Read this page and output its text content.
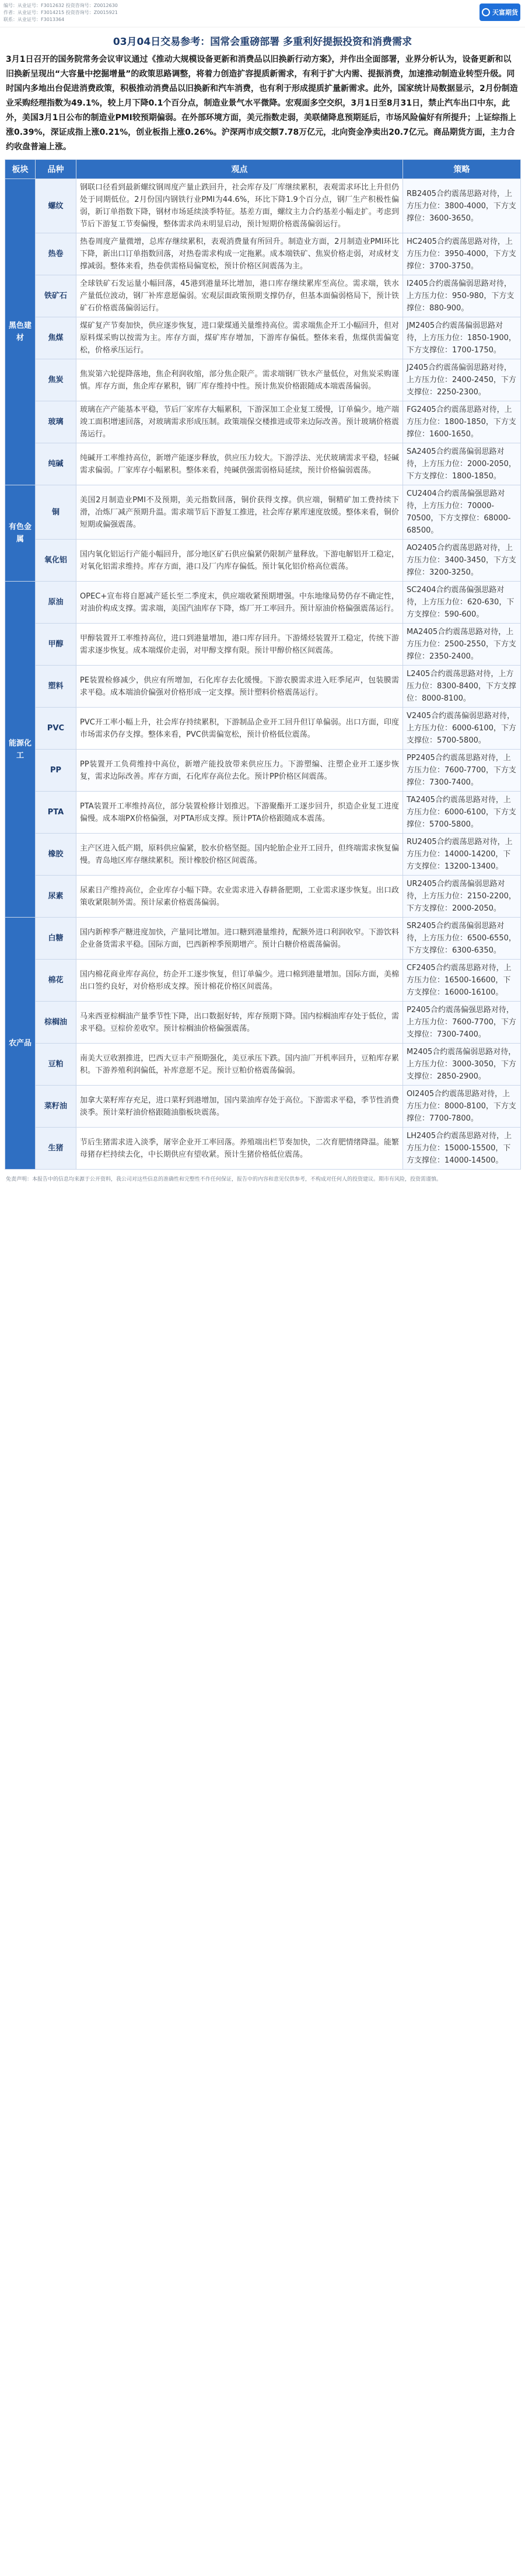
编号：从业证号：F3012632 投资咨询号：Z0012630
作者：从业证号：F3014215 投资咨询号：Z0015921
联系：从业证号：F3013364
天富期货
03月04日交易参考：国常会重磅部署 多重利好提振投资和消费需求
3月1日召开的国务院常务会议审议通过《推动大规模设备更新和消费品以旧换新行动方案》，并作出全面部署，业界分析认为，设备更新和以旧换新呈现出“大容量中挖掘增量”的政策思路调整，将着力创造扩容提质新需求，有利于扩大内需、提振消费，加速推动制造业转型升级。同时国内多地出台促进消费政策，积极推动消费品以旧换新和汽车消费，也有利于形成提质扩量新需求。此外，国家统计局数据显示，2月份制造业采购经理指数为49.1%，较上月下降0.1个百分点，制造业景气水平微降。宏观面多空交织，3月1日至8月31日，禁止汽车出口中东，此外，美国3月1日公布的制造业PMI较预期偏弱。在外部环境方面，美元指数走弱，美联储降息预期延后，市场风险偏好有所提升；上证综指上涨0.39%，深证成指上涨0.21%，创业板指上涨0.26%。沪深两市成交额7.78万亿元，北向资金净卖出20.7亿元。商品期货方面，主力合约收盘普遍上涨。
板块	品种	观点	策略
黑色建材	螺纹	钢联口径看到最新螺纹钢周度产量止跌回升，社会库存及厂库继续累积，表观需求环比上升但仍处于同期低位。2月份国内钢铁行业PMI为44.6%，环比下降1.9个百分点，钢厂生产积极性偏弱，新订单指数下降，钢材市场延续淡季特征。基差方面，螺纹主力合约基差小幅走扩。考虑到节后下游复工节奏偏慢，整体需求尚未明显启动，预计短期价格震荡偏弱运行。	RB2405合约震荡思路对待，上方压力位：3800-4000，下方支撑位：3600-3650。
	热卷	热卷周度产量微增，总库存继续累积，表观消费量有所回升。制造业方面，2月制造业PMI环比下降，新出口订单指数回落，对热卷需求构成一定拖累。成本端铁矿、焦炭价格走弱，对成材支撑减弱。整体来看，热卷供需格局偏宽松，预计价格区间震荡为主。	HC2405合约震荡思路对待，上方压力位：3950-4000，下方支撑位：3700-3750。
	铁矿石	全球铁矿石发运量小幅回落，45港到港量环比增加，港口库存继续累库至高位。需求端，铁水产量低位波动，钢厂补库意愿偏弱。宏观层面政策预期支撑仍存，但基本面偏弱格局下，预计铁矿石价格震荡偏弱运行。	I2405合约震荡偏弱思路对待，上方压力位：950-980，下方支撑位：880-900。
	焦煤	煤矿复产节奏加快，供应逐步恢复，进口蒙煤通关量维持高位。需求端焦企开工小幅回升，但对原料煤采购以按需为主。库存方面，煤矿库存增加，下游库存偏低。整体来看，焦煤供需偏宽松，价格承压运行。	JM2405合约震荡偏弱思路对待，上方压力位：1850-1900，下方支撑位：1700-1750。
	焦炭	焦炭第六轮提降落地，焦企利润收缩，部分焦企限产。需求端钢厂铁水产量低位，对焦炭采购谨慎。库存方面，焦企库存累积，钢厂库存维持中性。预计焦炭价格跟随成本端震荡偏弱。	J2405合约震荡偏弱思路对待，上方压力位：2400-2450，下方支撑位：2250-2300。
	玻璃	玻璃在产产能基本平稳，节后厂家库存大幅累积，下游深加工企业复工缓慢，订单偏少。地产端竣工面积增速回落，对玻璃需求形成压制。政策端保交楼推进或带来边际改善。预计玻璃价格震荡运行。	FG2405合约震荡思路对待，上方压力位：1800-1850，下方支撑位：1600-1650。
	纯碱	纯碱开工率维持高位，新增产能逐步释放，供应压力较大。下游浮法、光伏玻璃需求平稳，轻碱需求偏弱。厂家库存小幅累积。整体来看，纯碱供强需弱格局延续，预计价格偏弱震荡。	SA2405合约震荡偏弱思路对待，上方压力位：2000-2050，下方支撑位：1800-1850。
有色金属	铜	美国2月制造业PMI不及预期，美元指数回落，铜价获得支撑。供应端，铜精矿加工费持续下滑，冶炼厂减产预期升温。需求端节后下游复工推进，社会库存累库速度放缓。整体来看，铜价短期或偏强震荡。	CU2404合约震荡偏强思路对待，上方压力位：70000-70500，下方支撑位：68000-68500。
	氧化铝	国内氧化铝运行产能小幅回升，部分地区矿石供应偏紧仍限制产量释放。下游电解铝开工稳定，对氧化铝需求维持。库存方面，港口及厂内库存偏低。预计氧化铝价格高位震荡。	AO2405合约震荡思路对待，上方压力位：3400-3450，下方支撑位：3200-3250。
能源化工	原油	OPEC+宣布将自愿减产延长至二季度末，供应端收紧预期增强。中东地缘局势仍存不确定性，对油价构成支撑。需求端，美国汽油库存下降，炼厂开工率回升。预计原油价格偏强震荡运行。	SC2404合约震荡偏强思路对待，上方压力位：620-630，下方支撑位：590-600。
	甲醇	甲醇装置开工率维持高位，进口到港量增加，港口库存回升。下游烯烃装置开工稳定，传统下游需求逐步恢复。成本端煤价走弱，对甲醇支撑有限。预计甲醇价格区间震荡。	MA2405合约震荡思路对待，上方压力位：2500-2550，下方支撑位：2350-2400。
	塑料	PE装置检修减少，供应有所增加，石化库存去化缓慢。下游农膜需求进入旺季尾声，包装膜需求平稳。成本端油价偏强对价格形成一定支撑。预计塑料价格震荡运行。	L2405合约震荡思路对待，上方压力位：8300-8400，下方支撑位：8000-8100。
	PVC	PVC开工率小幅上升，社会库存持续累积，下游制品企业开工回升但订单偏弱。出口方面，印度市场需求仍存支撑。整体来看，PVC供需偏宽松，预计价格低位震荡。	V2405合约震荡偏弱思路对待，上方压力位：6000-6100，下方支撑位：5700-5800。
	PP	PP装置开工负荷维持中高位，新增产能投放带来供应压力。下游塑编、注塑企业开工逐步恢复，需求边际改善。库存方面，石化库存高位去化。预计PP价格区间震荡。	PP2405合约震荡思路对待，上方压力位：7600-7700，下方支撑位：7300-7400。
	PTA	PTA装置开工率维持高位，部分装置检修计划推迟。下游聚酯开工逐步回升，织造企业复工进度偏慢。成本端PX价格偏强，对PTA形成支撑。预计PTA价格跟随成本震荡。	TA2405合约震荡思路对待，上方压力位：6000-6100，下方支撑位：5700-5800。
	橡胶	主产区进入低产期，原料供应偏紧，胶水价格坚挺。国内轮胎企业开工回升，但终端需求恢复偏慢。青岛地区库存继续累积。预计橡胶价格区间震荡。	RU2405合约震荡思路对待，上方压力位：14000-14200，下方支撑位：13200-13400。
	尿素	尿素日产维持高位，企业库存小幅下降。农业需求进入春耕备肥期，工业需求逐步恢复。出口政策收紧限制外需。预计尿素价格震荡偏弱。	UR2405合约震荡偏弱思路对待，上方压力位：2150-2200，下方支撑位：2000-2050。
农产品	白糖	国内新榨季产糖进度加快，产量同比增加。进口糖到港量维持，配额外进口利润收窄。下游饮料企业备货需求平稳。国际方面，巴西新榨季预期增产。预计白糖价格震荡偏弱。	SR2405合约震荡偏弱思路对待，上方压力位：6500-6550，下方支撑位：6300-6350。
	棉花	国内棉花商业库存高位，纺企开工逐步恢复，但订单偏少。进口棉到港量增加。国际方面，美棉出口签约良好，对价格形成支撑。预计棉花价格区间震荡。	CF2405合约震荡思路对待，上方压力位：16500-16600，下方支撑位：16000-16100。
	棕榈油	马来西亚棕榈油产量季节性下降，出口数据好转，库存预期下降。国内棕榈油库存处于低位，需求平稳。豆棕价差收窄。预计棕榈油价格偏强震荡。	P2405合约震荡偏强思路对待，上方压力位：7600-7700，下方支撑位：7300-7400。
	豆粕	南美大豆收割推进，巴西大豆丰产预期强化，美豆承压下跌。国内油厂开机率回升，豆粕库存累积。下游养殖利润偏低，补库意愿不足。预计豆粕价格震荡偏弱。	M2405合约震荡偏弱思路对待，上方压力位：3000-3050，下方支撑位：2850-2900。
	菜籽油	加拿大菜籽库存充足，进口菜籽到港增加，国内菜油库存处于高位。下游需求平稳，季节性消费淡季。预计菜籽油价格跟随油脂板块震荡。	OI2405合约震荡思路对待，上方压力位：8000-8100，下方支撑位：7700-7800。
	生猪	节后生猪需求进入淡季，屠宰企业开工率回落。养殖端出栏节奏加快，二次育肥情绪降温。能繁母猪存栏持续去化，中长期供应有望收紧。预计生猪价格低位震荡。	LH2405合约震荡思路对待，上方压力位：15000-15500，下方支撑位：14000-14500。
免责声明：本报告中的信息均来源于公开资料，我公司对这些信息的准确性和完整性不作任何保证，报告中的内容和意见仅供参考，不构成对任何人的投资建议。期市有风险，投资需谨慎。
